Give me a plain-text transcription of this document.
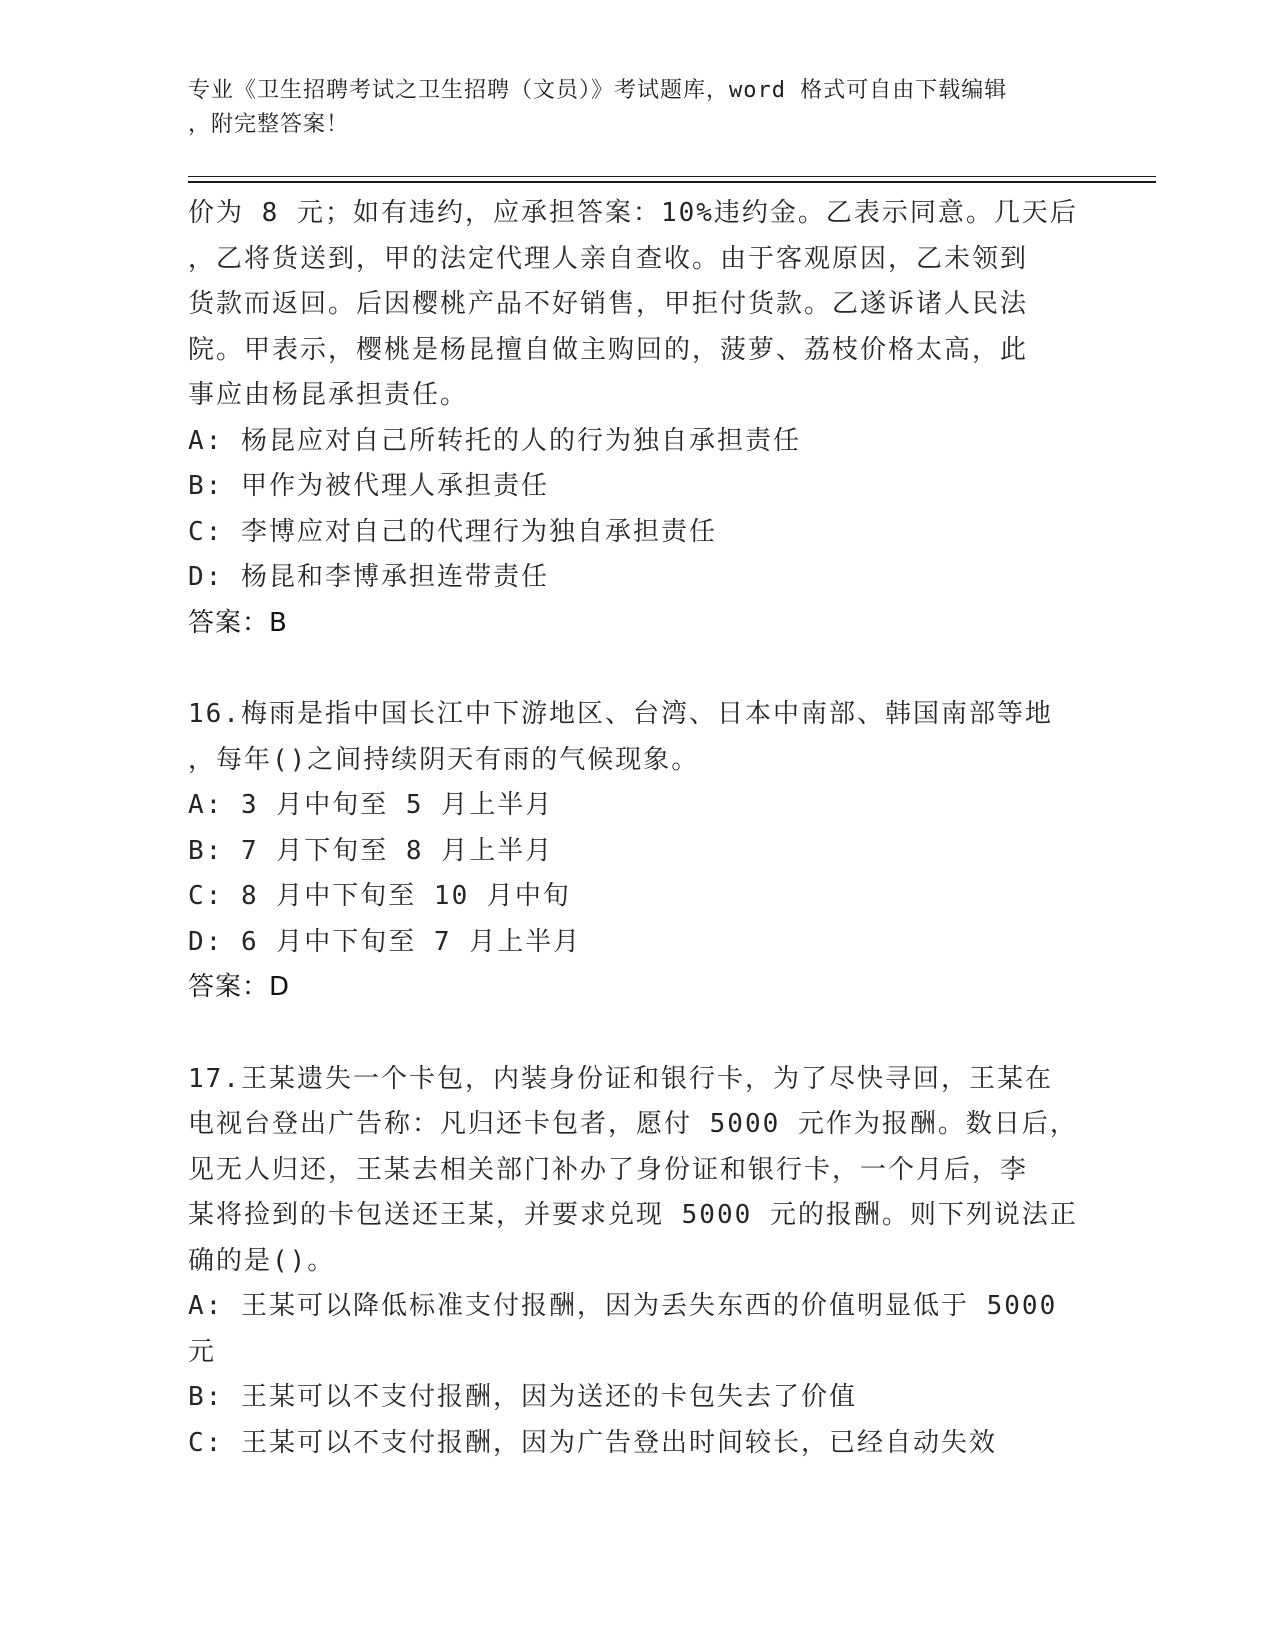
专业《卫生招聘考试之卫生招聘（文员）》考试题库，word 格式可自由下载编辑
，附完整答案！

价为 8 元；如有违约，应承担答案：10%违约金。乙表示同意。几天后

，乙将货送到，甲的法定代理人亲自查收。由于客观原因，乙未领到

货款而返回。后因樱桃产品不好销售，甲拒付货款。乙遂诉诸人民法

院。甲表示，樱桃是杨昆擅自做主购回的，菠萝、荔枝价格太高，此

事应由杨昆承担责任。

A: 杨昆应对自己所转托的人的行为独自承担责任

B: 甲作为被代理人承担责任

C: 李博应对自己的代理行为独自承担责任

D: 杨昆和李博承担连带责任

答案：B

16.梅雨是指中国长江中下游地区、台湾、日本中南部、韩国南部等地

，每年()之间持续阴天有雨的气候现象。

A: 3 月中旬至 5 月上半月

B: 7 月下旬至 8 月上半月

C: 8 月中下旬至 10 月中旬

D: 6 月中下旬至 7 月上半月

答案：D

17.王某遗失一个卡包，内装身份证和银行卡，为了尽快寻回，王某在

电视台登出广告称：凡归还卡包者，愿付 5000 元作为报酬。数日后，

见无人归还，王某去相关部门补办了身份证和银行卡，一个月后，李

某将捡到的卡包送还王某，并要求兑现 5000 元的报酬。则下列说法正

确的是()。

A: 王某可以降低标准支付报酬，因为丢失东西的价值明显低于 5000

元

B: 王某可以不支付报酬，因为送还的卡包失去了价值

C: 王某可以不支付报酬，因为广告登出时间较长，已经自动失效
